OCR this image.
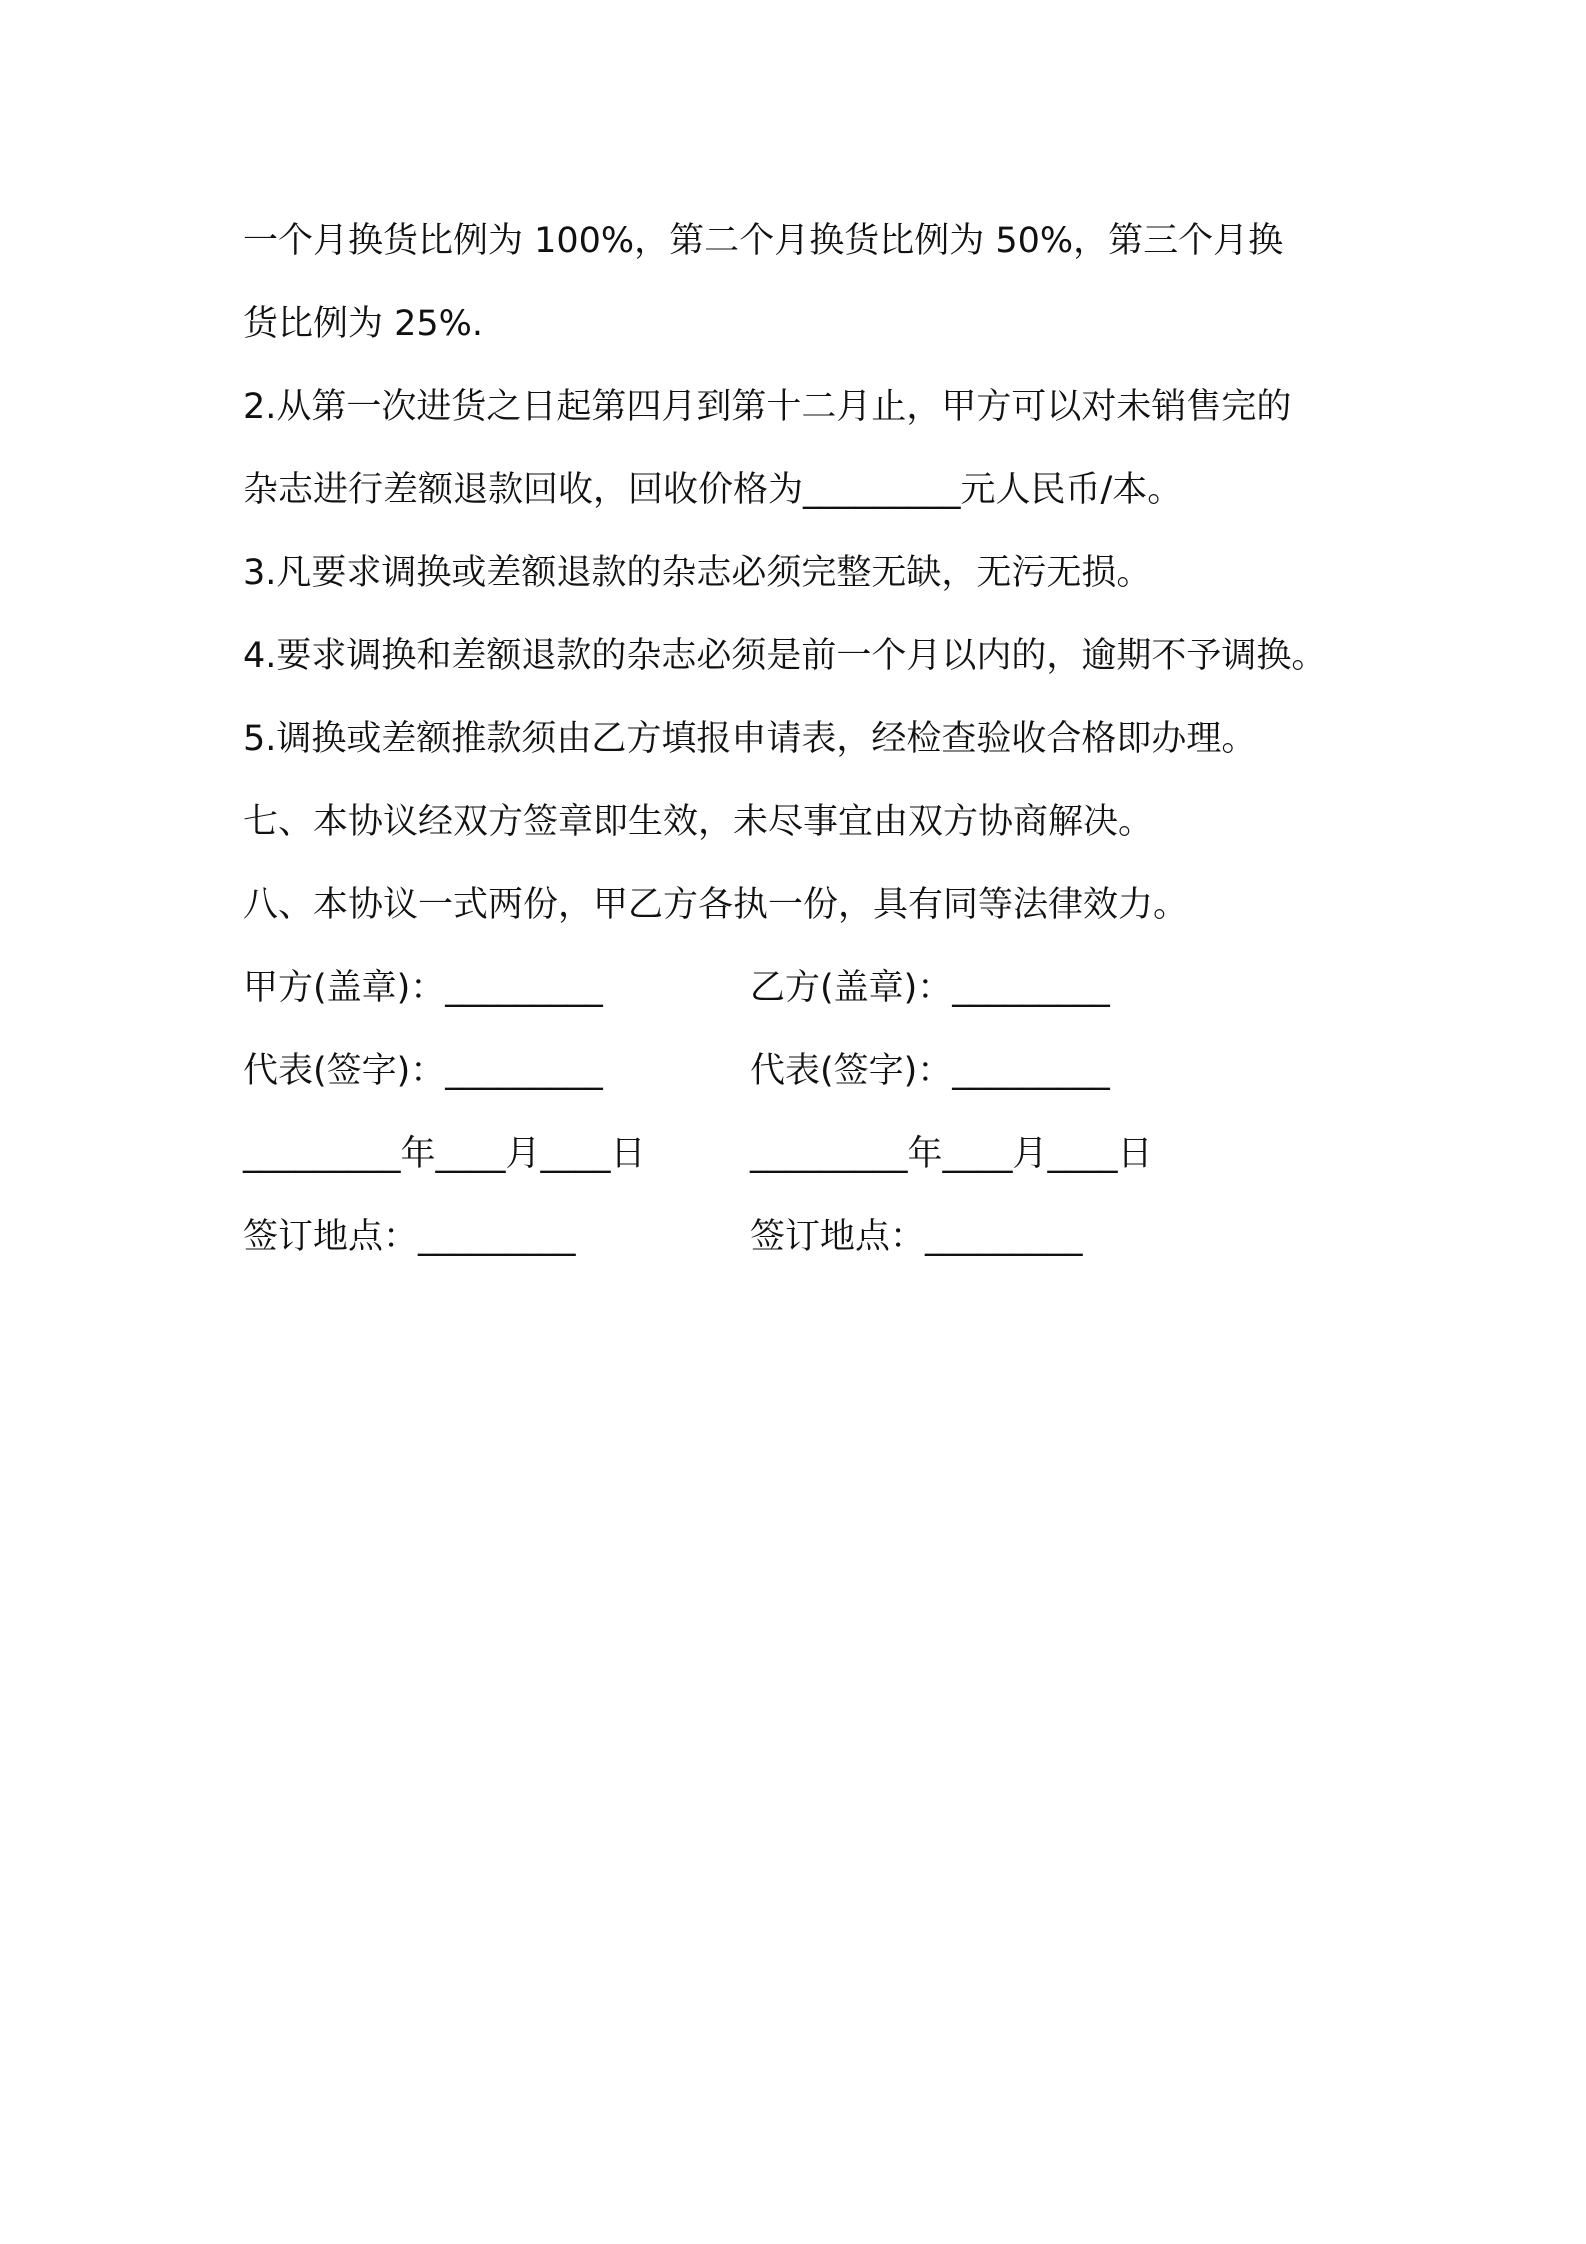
一个月换货比例为 100%，第二个月换货比例为 50%，第三个月换
货比例为 25%.
2.从第一次进货之日起第四月到第十二月止，甲方可以对未销售完的
杂志进行差额退款回收，回收价格为_________元人民币/本。
3.凡要求调换或差额退款的杂志必须完整无缺，无污无损。
4.要求调换和差额退款的杂志必须是前一个月以内的，逾期不予调换。
5.调换或差额推款须由乙方填报申请表，经检查验收合格即办理。
七、本协议经双方签章即生效，未尽事宜由双方协商解决。
八、本协议一式两份，甲乙方各执一份，具有同等法律效力。
甲方(盖章)：_________	乙方(盖章)：_________
代表(签字)：_________	代表(签字)：_________
_________年____月____日	_________年____月____日
签订地点：_________	签订地点：_________
